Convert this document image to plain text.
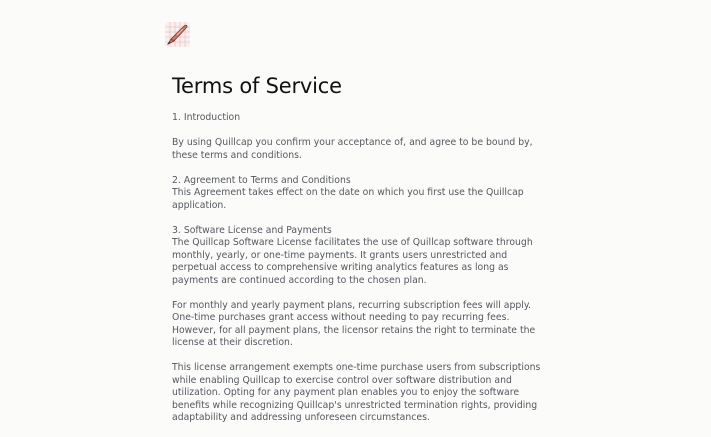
Terms of Service

1. Introduction

By using Quillcap you confirm your acceptance of, and agree to be bound by, these terms and conditions.

2. Agreement to Terms and Conditions
This Agreement takes effect on the date on which you first use the Quillcap application.

3. Software License and Payments
The Quillcap Software License facilitates the use of Quillcap software through monthly, yearly, or one-time payments. It grants users unrestricted and perpetual access to comprehensive writing analytics features as long as payments are continued according to the chosen plan.

For monthly and yearly payment plans, recurring subscription fees will apply. One-time purchases grant access without needing to pay recurring fees. However, for all payment plans, the licensor retains the right to terminate the license at their discretion.

This license arrangement exempts one-time purchase users from subscriptions while enabling Quillcap to exercise control over software distribution and utilization. Opting for any payment plan enables you to enjoy the software benefits while recognizing Quillcap's unrestricted termination rights, providing adaptability and addressing unforeseen circumstances.
